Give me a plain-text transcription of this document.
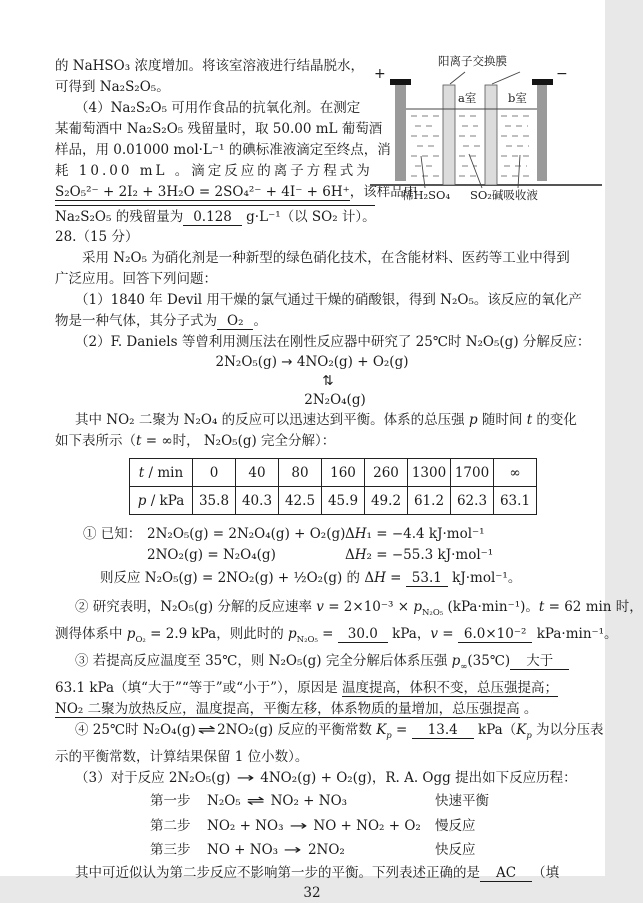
的 NaHSO₃ 浓度增加。将该室溶液进行结晶脱水，
可得到 Na₂S₂O₅。
（4）Na₂S₂O₅ 可用作食品的抗氧化剂。在测定
某葡萄酒中 Na₂S₂O₅ 残留量时，取 50.00 mL 葡萄酒
样品，用 0.01000 mol·L⁻¹ 的碘标准液滴定至终点，消
耗 10.00 mL 。滴定反应的离子方程式为
S₂O₅²⁻ + 2I₂ + 3H₂O = 2SO₄²⁻ + 4I⁻ + 6H⁺，该样品中
Na₂S₂O₅ 的残留量为 0.128 g·L⁻¹（以 SO₂ 计）。
阳离子交换膜
+	−
a室	b室
稀H₂SO₄ SO₂碱吸收液
28.（15 分）
采用 N₂O₅ 为硝化剂是一种新型的绿色硝化技术，在含能材料、医药等工业中得到
广泛应用。回答下列问题：
（1）1840 年 Devil 用干燥的氯气通过干燥的硝酸银，得到 N₂O₅。该反应的氧化产
物是一种气体，其分子式为 O₂ 。
（2）F. Daniels 等曾利用测压法在刚性反应器中研究了 25℃时 N₂O₅(g) 分解反应：
2N₂O₅(g) → 4NO₂(g) + O₂(g)
⇅
2N₂O₄(g)
其中 NO₂ 二聚为 N₂O₄ 的反应可以迅速达到平衡。体系的总压强 p 随时间 t 的变化
如下表所示（t = ∞时， N₂O₅(g) 完全分解）：
t / min	0	40	80	160	260	1300	1700	∞
p / kPa	35.8	40.3	42.5	45.9	49.2	61.2	62.3	63.1
① 已知： 2N₂O₅(g) = 2N₂O₄(g) + O₂(g) ΔH₁ = −4.4 kJ·mol⁻¹
2NO₂(g) = N₂O₄(g)	ΔH₂ = −55.3 kJ·mol⁻¹
则反应 N₂O₅(g) = 2NO₂(g) + ½O₂(g) 的 ΔH = 53.1 kJ·mol⁻¹。
② 研究表明，N₂O₅(g) 分解的反应速率 $v = 2\times 10^{-3} \times p_{N_2O_5}$ (kPa·min⁻¹)。t = 62 min 时，
测得体系中 $p_{O_2} = 2.9$ kPa，则此时的 $p_{N_2O_5} = 30.0$ kPa，v = 6.0×10⁻² kPa·min⁻¹。
③ 若提高反应温度至 35℃，则 N₂O₅(g) 完全分解后体系压强 $p_\infty(35℃)$ 大于
63.1 kPa（填“大于”“等于”或“小于”），原因是 温度提高，体积不变，总压强提高；
NO₂ 二聚为放热反应，温度提高，平衡左移，体系物质的量增加，总压强提高 。
④ 25℃时 N₂O₄(g) ⇌ 2NO₂(g) 反应的平衡常数 $K_p = 13.4$ $kPa(K_p$ 为以分压表
示的平衡常数，计算结果保留 1 位小数）。
（3）对于反应 2N₂O₅(g) → 4NO₂(g) + O₂(g)，R. A. Ogg 提出如下反应历程：
第一步	N₂O₅ ⇌ NO₂ + NO₃	快速平衡
第二步	NO₂ + NO₃ → NO + NO₂ + O₂	慢反应
第三步	NO + NO₃ → 2NO₂	快反应
其中可近似认为第二步反应不影响第一步的平衡。下列表述正确的是 AC （填
32
